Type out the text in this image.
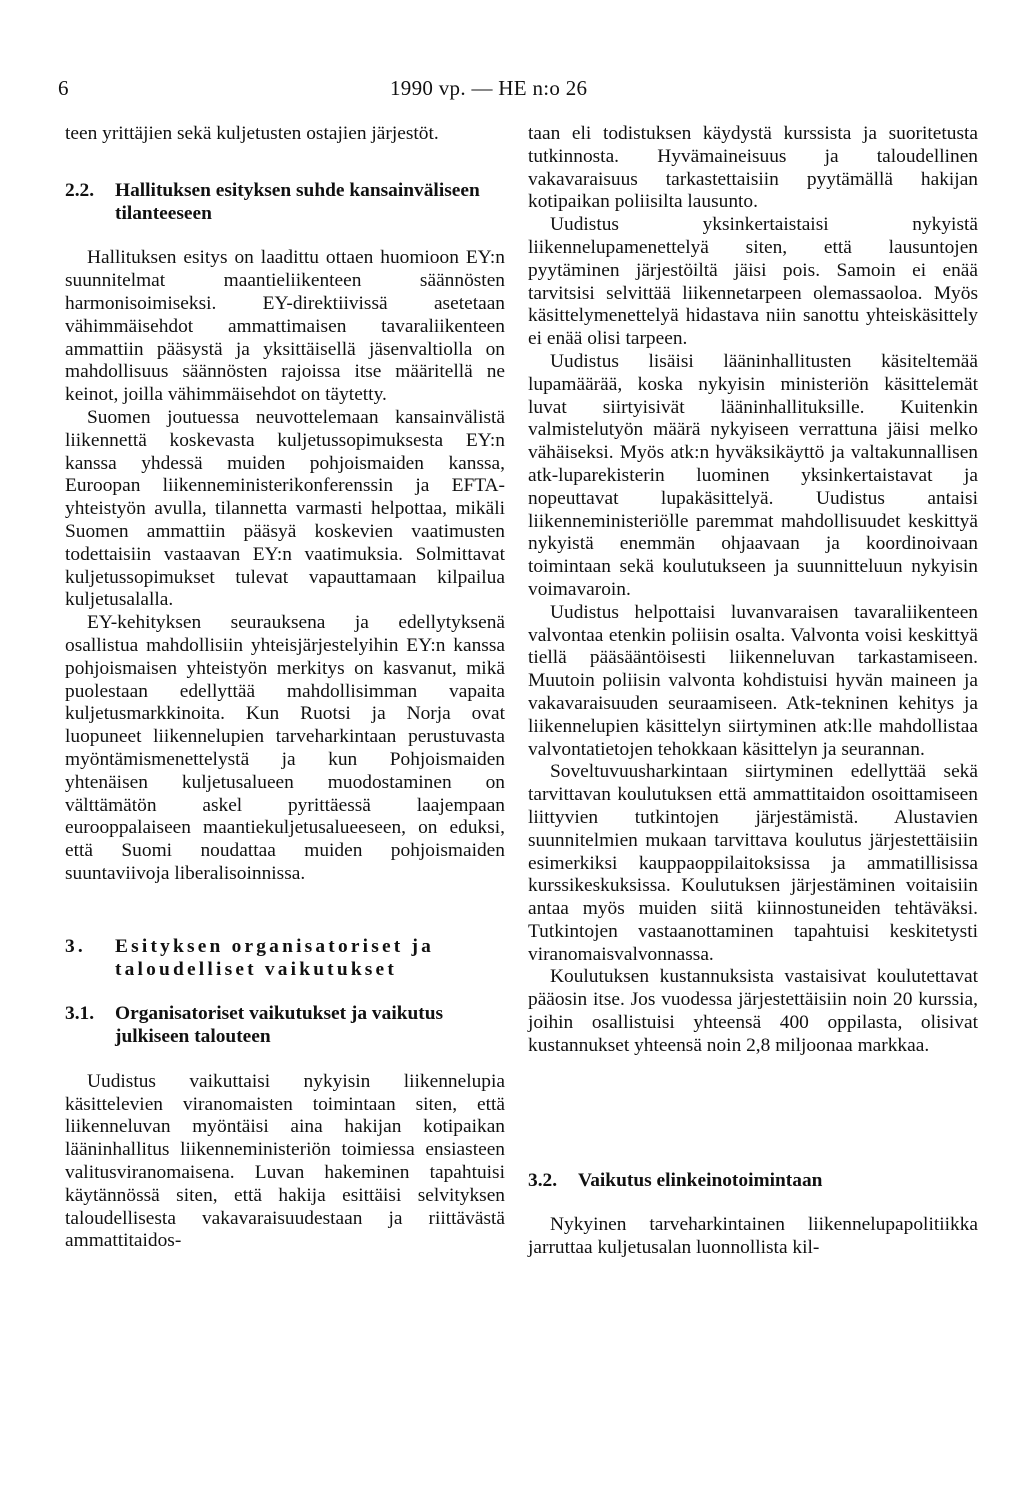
6	1990 vp. — HE n:o 26

teen yrittäjien sekä kuljetusten ostajien järjestöt.

2.2.	Hallituksen esityksen suhde kansainväliseen tilanteeseen

Hallituksen esitys on laadittu ottaen huomioon EY:n suunnitelmat maantieliikenteen säännösten harmonisoimiseksi. EY-direktiivissä asetetaan vähimmäisehdot ammattimaisen tavaraliikenteen ammattiin pääsystä ja yksittäisellä jäsenvaltiolla on mahdollisuus säännösten rajoissa itse määritellä ne keinot, joilla vähimmäisehdot on täytetty.

Suomen joutuessa neuvottelemaan kansainvälistä liikennettä koskevasta kuljetussopimuksesta EY:n kanssa yhdessä muiden pohjoismaiden kanssa, Euroopan liikenneministerikonferenssin ja EFTA-yhteistyön avulla, tilannetta varmasti helpottaa, mikäli Suomen ammattiin pääsyä koskevien vaatimusten todettaisiin vastaavan EY:n vaatimuksia. Solmittavat kuljetussopimukset tulevat vapauttamaan kilpailua kuljetusalalla.

EY-kehityksen seurauksena ja edellytyksenä osallistua mahdollisiin yhteisjärjestelyihin EY:n kanssa pohjoismaisen yhteistyön merkitys on kasvanut, mikä puolestaan edellyttää mahdollisimman vapaita kuljetusmarkkinoita. Kun Ruotsi ja Norja ovat luopuneet liikennelupien tarveharkintaan perustuvasta myöntämismenettelystä ja kun Pohjoismaiden yhtenäisen kuljetusalueen muodostaminen on välttämätön askel pyrittäessä laajempaan eurooppalaiseen maantiekuljetusalueeseen, on eduksi, että Suomi noudattaa muiden pohjoismaiden suuntaviivoja liberalisoinnissa.

3.	Esityksen organisatoriset ja taloudelliset vaikutukset
3.1.	Organisatoriset vaikutukset ja vaikutus julkiseen talouteen

Uudistus vaikuttaisi nykyisin liikennelupia käsittelevien viranomaisten toimintaan siten, että liikenneluvan myöntäisi aina hakijan kotipaikan lääninhallitus liikenneministeriön toimiessa ensiasteen valitusviranomaisena. Luvan hakeminen tapahtuisi käytännössä siten, että hakija esittäisi selvityksen taloudellisesta vakavaraisuudestaan ja riittävästä ammattitaidos-

taan eli todistuksen käydystä kurssista ja suoritetusta tutkinnosta. Hyvämaineisuus ja taloudellinen vakavaraisuus tarkastettaisiin pyytämällä hakijan kotipaikan poliisilta lausunto.

Uudistus yksinkertaistaisi nykyistä liikennelupamenettelyä siten, että lausuntojen pyytäminen järjestöiltä jäisi pois. Samoin ei enää tarvitsisi selvittää liikennetarpeen olemassaoloa. Myös käsittelymenettelyä hidastava niin sanottu yhteiskäsittely ei enää olisi tarpeen.

Uudistus lisäisi lääninhallitusten käsiteltemää lupamäärää, koska nykyisin ministeriön käsittelemät luvat siirtyisivät lääninhallituksille. Kuitenkin valmistelutyön määrä nykyiseen verrattuna jäisi melko vähäiseksi. Myös atk:n hyväksikäyttö ja valtakunnallisen atk-luparekisterin luominen yksinkertaistavat ja nopeuttavat lupakäsittelyä. Uudistus antaisi liikenneministeriölle paremmat mahdollisuudet keskittyä nykyistä enemmän ohjaavaan ja koordinoivaan toimintaan sekä koulutukseen ja suunnitteluun nykyisin voimavaroin.

Uudistus helpottaisi luvanvaraisen tavaraliikenteen valvontaa etenkin poliisin osalta. Valvonta voisi keskittyä tiellä pääsääntöisesti liikenneluvan tarkastamiseen. Muutoin poliisin valvonta kohdistuisi hyvän maineen ja vakavaraisuuden seuraamiseen. Atk-tekninen kehitys ja liikennelupien käsittelyn siirtyminen atk:lle mahdollistaa valvontatietojen tehokkaan käsittelyn ja seurannan.

Soveltuvuusharkintaan siirtyminen edellyttää sekä tarvittavan koulutuksen että ammattitaidon osoittamiseen liittyvien tutkintojen järjestämistä. Alustavien suunnitelmien mukaan tarvittava koulutus järjestettäisiin esimerkiksi kauppaoppilaitoksissa ja ammatillisissa kurssikeskuksissa. Koulutuksen järjestäminen voitaisiin antaa myös muiden siitä kiinnostuneiden tehtäväksi. Tutkintojen vastaanottaminen tapahtuisi keskitetysti viranomaisvalvonnassa.

Koulutuksen kustannuksista vastaisivat koulutettavat pääosin itse. Jos vuodessa järjestettäisiin noin 20 kurssia, joihin osallistuisi yhteensä 400 oppilasta, olisivat kustannukset yhteensä noin 2,8 miljoonaa markkaa.

3.2.	Vaikutus elinkeinotoimintaan

Nykyinen tarveharkintainen liikennelupapolitiikka jarruttaa kuljetusalan luonnollista kil-
